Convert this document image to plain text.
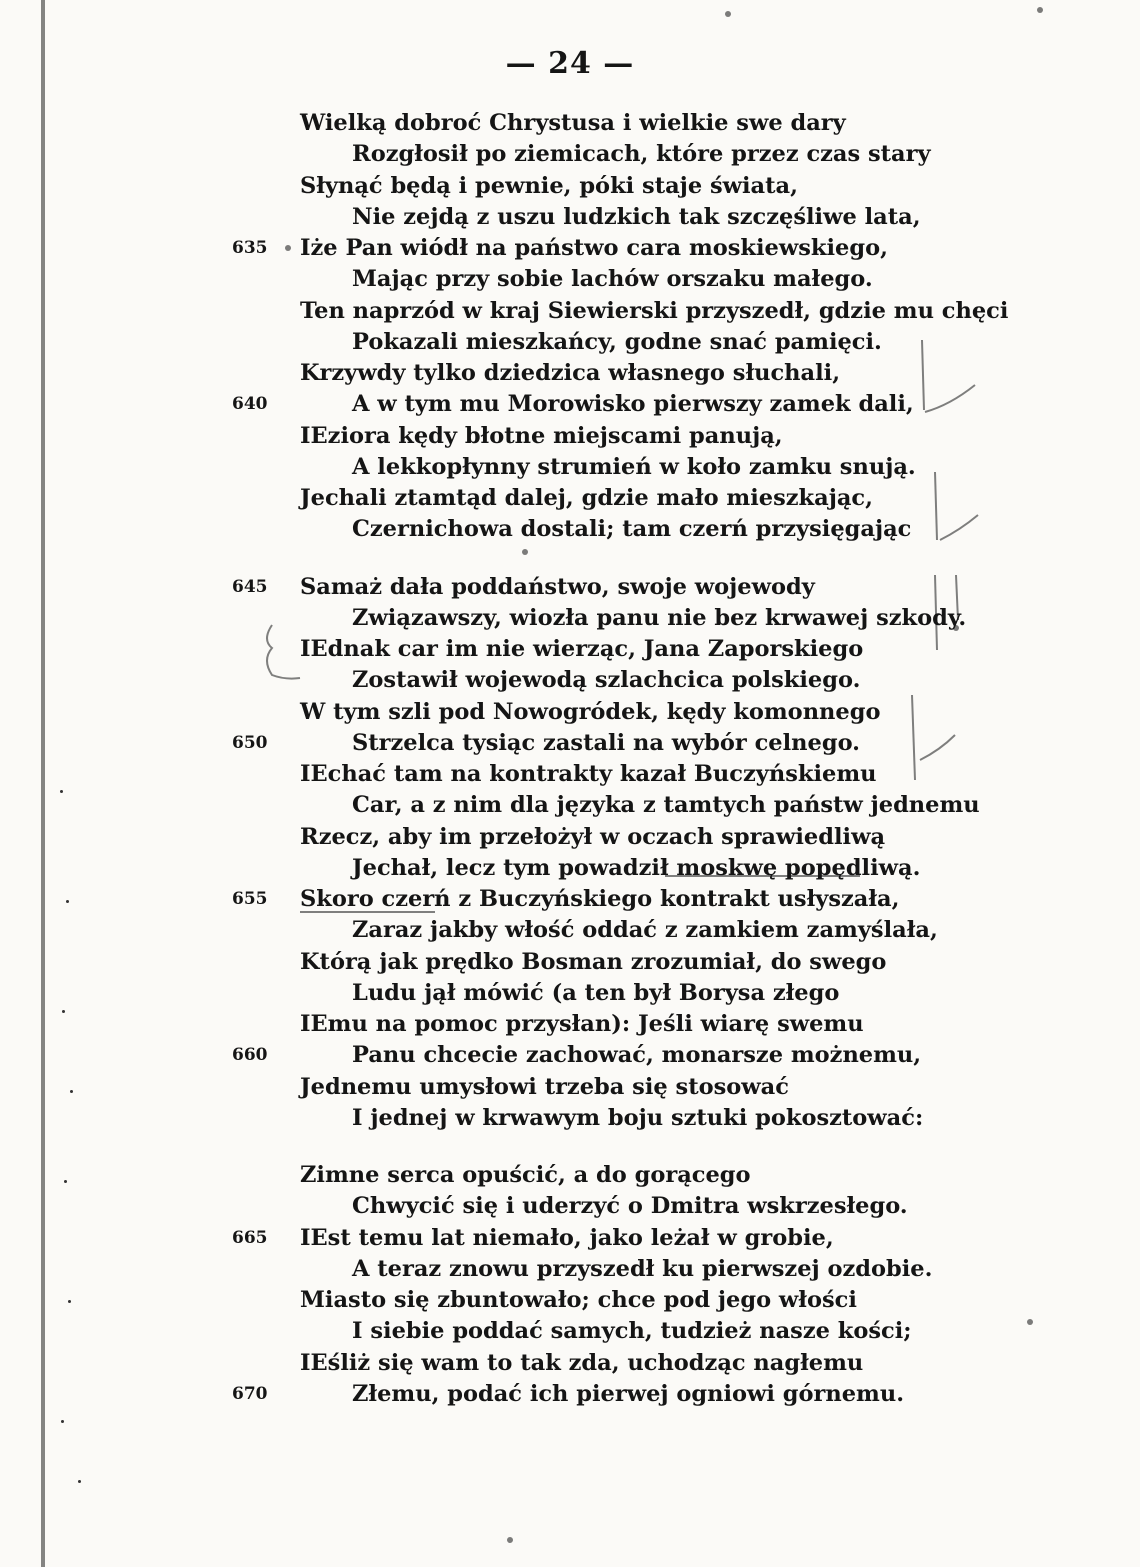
— 24 —
Wielką dobroć Chrystusa i wielkie swe dary
Rozgłosił po ziemicach, które przez czas stary
Słynąć będą i pewnie, póki staje świata,
Nie zejdą z uszu ludzkich tak szczęśliwe lata,
635	Iże Pan wiódł na państwo cara moskiewskiego,
Mając przy sobie lachów orszaku małego.
Ten naprzód w kraj Siewierski przyszedł, gdzie mu chęci
Pokazali mieszkańcy, godne snać pamięci.
Krzywdy tylko dziedzica własnego słuchali,
640	A w tym mu Morowisko pierwszy zamek dali,
IEziora kędy błotne miejscami panują,
A lekkopłynny strumień w koło zamku snują.
Jechali ztamtąd dalej, gdzie mało mieszkając,
Czernichowa dostali; tam czerń przysięgając
645	Samaż dała poddaństwo, swoje wojewody
Związawszy, wiozła panu nie bez krwawej szkody.
IEdnak car im nie wierząc, Jana Zaporskiego
Zostawił wojewodą szlachcica polskiego.
W tym szli pod Nowogródek, kędy komonnego
650	Strzelca tysiąc zastali na wybór celnego.
IEchać tam na kontrakty kazał Buczyńskiemu
Car, a z nim dla języka z tamtych państw jednemu
Rzecz, aby im przełożył w oczach sprawiedliwą
Jechał, lecz tym powadził moskwę popędliwą.
655	Skoro czerń z Buczyńskiego kontrakt usłyszała,
Zaraz jakby włość oddać z zamkiem zamyślała,
Którą jak prędko Bosman zrozumiał, do swego
Ludu jął mówić (a ten był Borysa złego
IEmu na pomoc przysłan): Jeśli wiarę swemu
660	Panu chcecie zachować, monarsze możnemu,
Jednemu umysłowi trzeba się stosować
I jednej w krwawym boju sztuki pokosztować:
Zimne serca opuścić, a do gorącego
Chwycić się i uderzyć o Dmitra wskrzesłego.
665	IEst temu lat niemało, jako leżał w grobie,
A teraz znowu przyszedł ku pierwszej ozdobie.
Miasto się zbuntowało; chce pod jego włości
I siebie poddać samych, tudzież nasze kości;
IEśliż się wam to tak zda, uchodząc nagłemu
670	Złemu, podać ich pierwej ogniowi górnemu.
